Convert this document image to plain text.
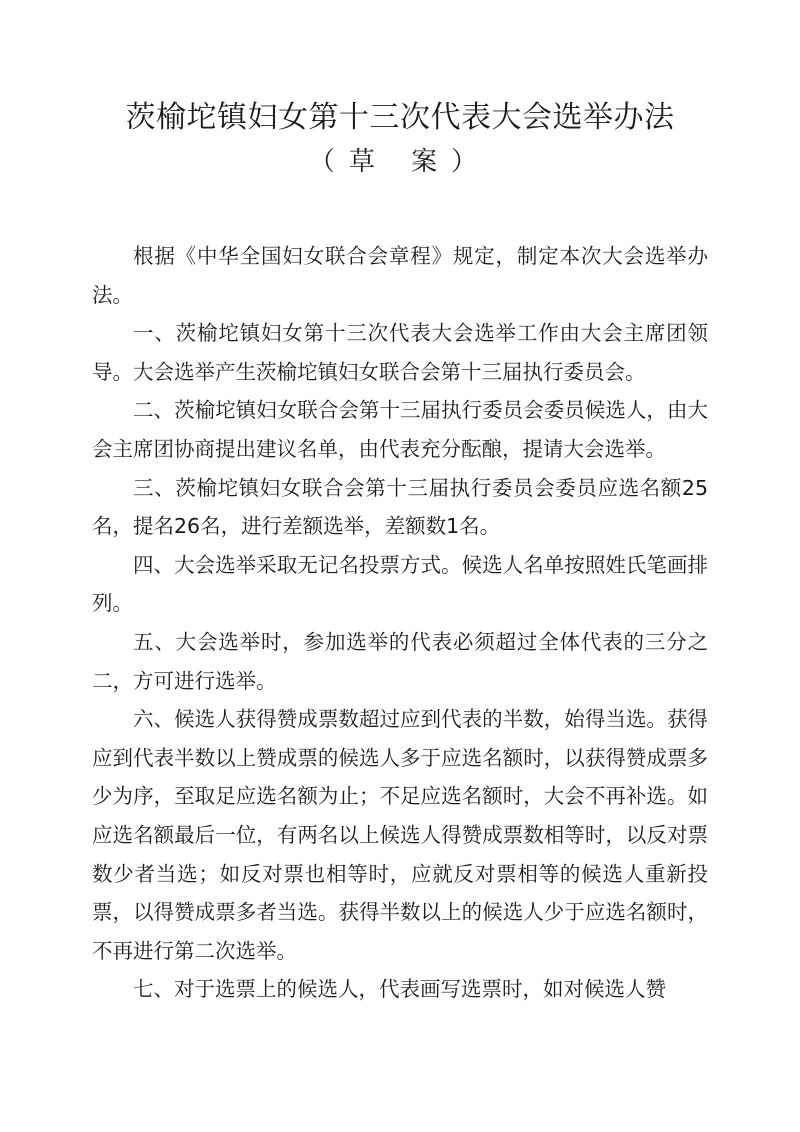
茨榆坨镇妇女第十三次代表大会选举办法
（草 案）

根据《中华全国妇女联合会章程》规定，制定本次大会选举办法。

一、茨榆坨镇妇女第十三次代表大会选举工作由大会主席团领导。大会选举产生茨榆坨镇妇女联合会第十三届执行委员会。

二、茨榆坨镇妇女联合会第十三届执行委员会委员候选人，由大会主席团协商提出建议名单，由代表充分酝酿，提请大会选举。

三、茨榆坨镇妇女联合会第十三届执行委员会委员应选名额25名，提名26名，进行差额选举，差额数1名。

四、大会选举采取无记名投票方式。候选人名单按照姓氏笔画排列。

五、大会选举时，参加选举的代表必须超过全体代表的三分之二，方可进行选举。

六、候选人获得赞成票数超过应到代表的半数，始得当选。获得应到代表半数以上赞成票的候选人多于应选名额时，以获得赞成票多少为序，至取足应选名额为止；不足应选名额时，大会不再补选。如应选名额最后一位，有两名以上候选人得赞成票数相等时，以反对票数少者当选；如反对票也相等时，应就反对票相等的候选人重新投票，以得赞成票多者当选。获得半数以上的候选人少于应选名额时，不再进行第二次选举。

七、对于选票上的候选人，代表画写选票时，如对候选人赞
